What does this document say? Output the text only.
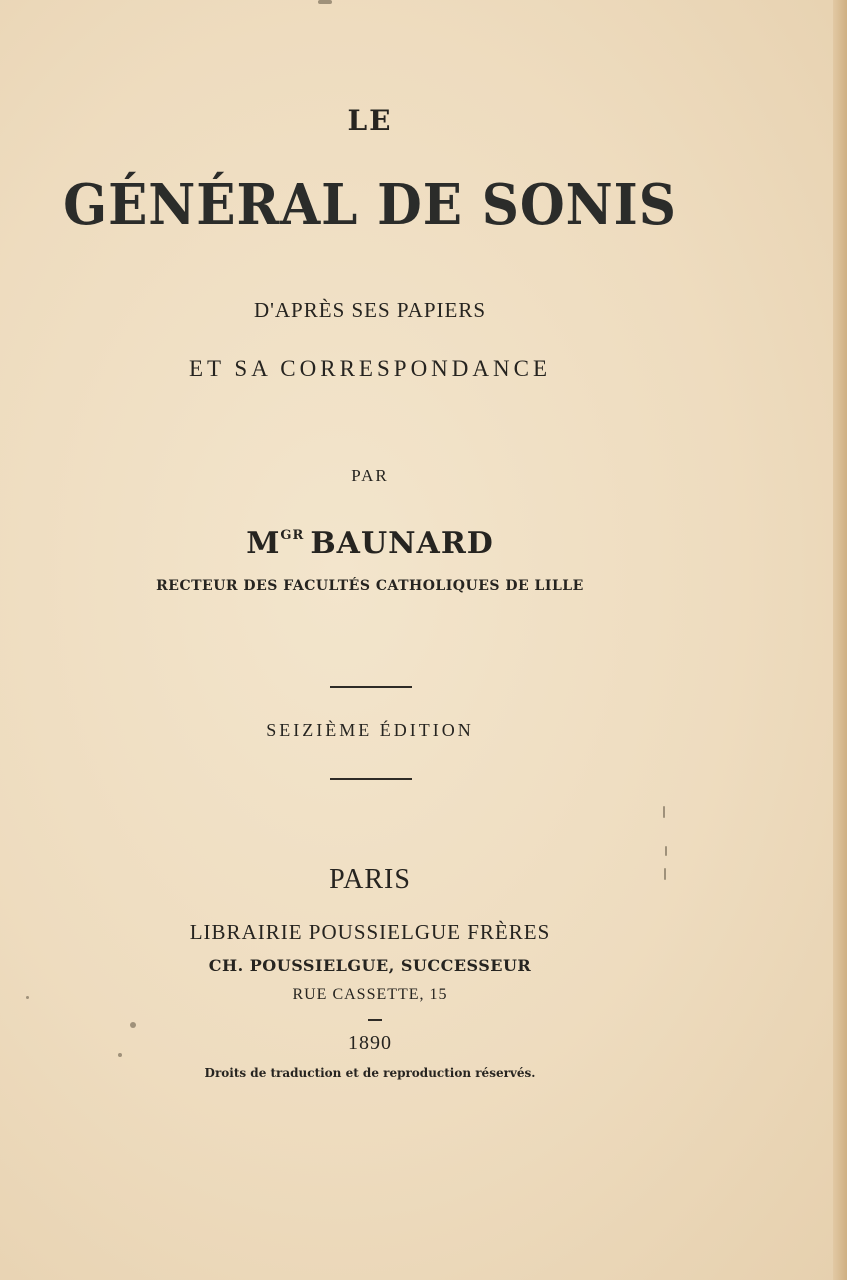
LE
GÉNÉRAL DE SONIS
D'APRÈS SES PAPIERS
ET SA CORRESPONDANCE
PAR
$M^{GR}$ BAUNARD
RECTEUR DES FACULTÉS CATHOLIQUES DE LILLE
SEIZIÈME ÉDITION
PARIS
LIBRAIRIE POUSSIELGUE FRÈRES
CH. POUSSIELGUE, SUCCESSEUR
RUE CASSETTE, 15
1890
Droits de traduction et de reproduction réservés.
